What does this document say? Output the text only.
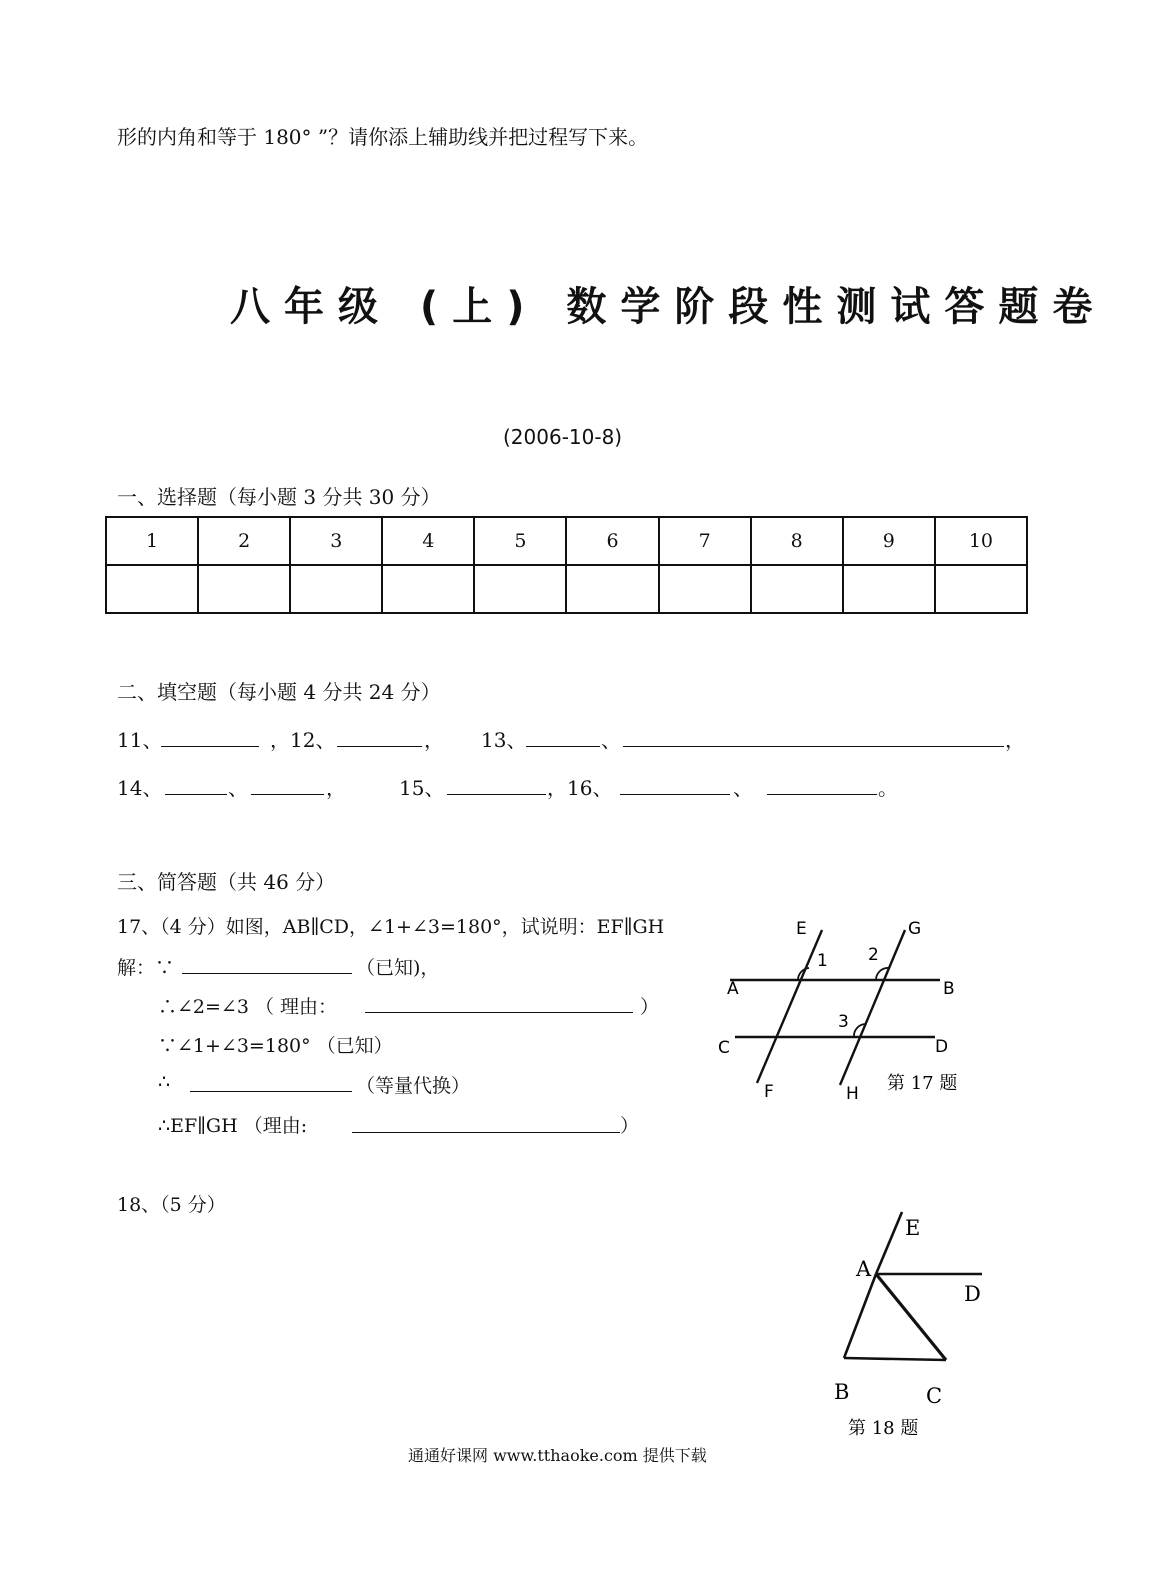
形的内角和等于 180° ”？请你添上辅助线并把过程写下来。
八年级 (上) 数学阶段性测试答题卷
(2006-10-8)
一、选择题（每小题 3 分共 30 分）
1	2	3	4	5	6	7	8	9	10

二、填空题（每小题 4 分共 24 分）
11、	，12、	， 13、	、	，
14、	、	，	15、	，16、	、	。
三、简答题（共 46 分）
17、（4 分）如图，AB∥CD，∠1+∠3=180°，试说明：EF∥GH
解：∵	（已知)，
∴∠2=∠3 （ 理由：	）
∵∠1+∠3=180° （已知）
∴	（等量代换）
∴EF∥GH （理由:	）
E	G
1 2
A	B
3
C	D
F	H 第 17 题
18、（5 分）
E
A
D
B	C
第 18 题
通通好课网 www.tthaoke.com 提供下载
